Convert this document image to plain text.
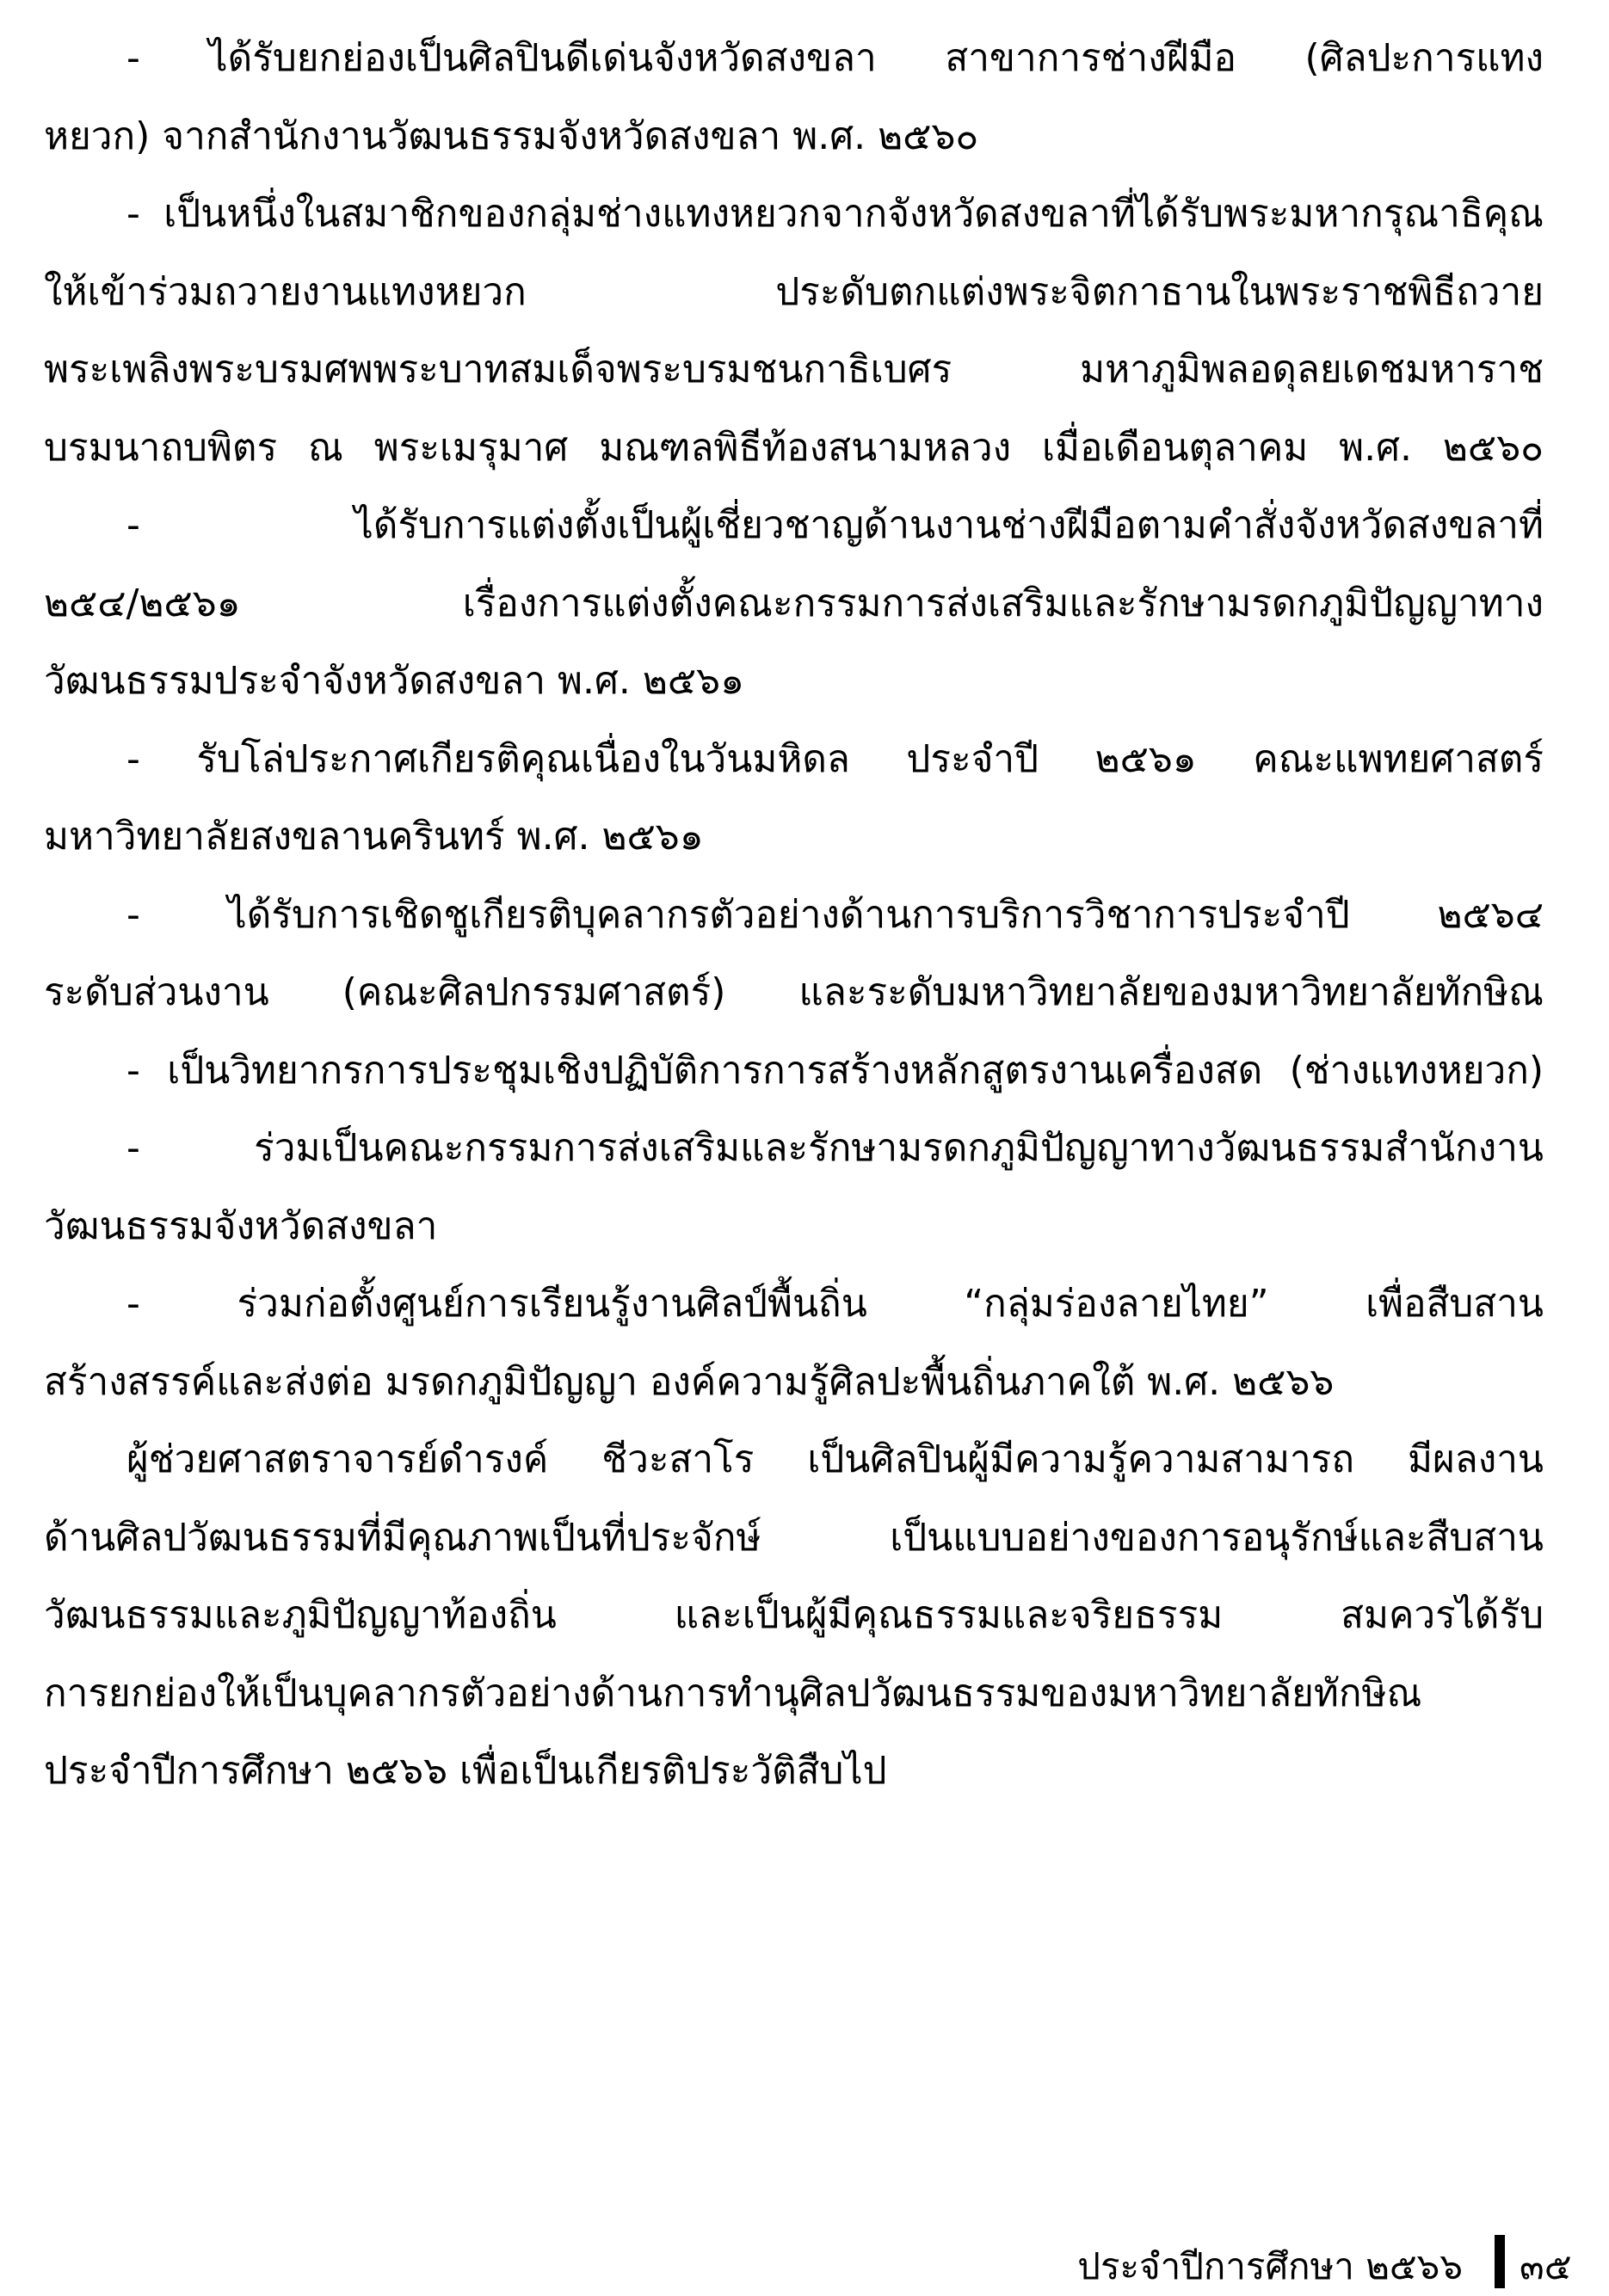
- ได้รับยกย่องเป็นศิลปินดีเด่นจังหวัดสงขลา สาขาการช่างฝีมือ (ศิลปะการแทง
หยวก) จากสำนักงานวัฒนธรรมจังหวัดสงขลา พ.ศ. ๒๕๖๐
- เป็นหนึ่งในสมาชิกของกลุ่มช่างแทงหยวกจากจังหวัดสงขลาที่ได้รับพระมหากรุณาธิคุณ
ให้เข้าร่วมถวายงานแทงหยวก ประดับตกแต่งพระจิตกาธานในพระราชพิธีถวาย
พระเพลิงพระบรมศพพระบาทสมเด็จพระบรมชนกาธิเบศร มหาภูมิพลอดุลยเดชมหาราช
บรมนาถบพิตร ณ พระเมรุมาศ มณฑลพิธีท้องสนามหลวง เมื่อเดือนตุลาคม พ.ศ. ๒๕๖๐
- ได้รับการแต่งตั้งเป็นผู้เชี่ยวชาญด้านงานช่างฝีมือตามคำสั่งจังหวัดสงขลาที่
๒๕๔/๒๕๖๑ เรื่องการแต่งตั้งคณะกรรมการส่งเสริมและรักษามรดกภูมิปัญญาทาง
วัฒนธรรมประจำจังหวัดสงขลา พ.ศ. ๒๕๖๑
- รับโล่ประกาศเกียรติคุณเนื่องในวันมหิดล ประจำปี ๒๕๖๑ คณะแพทยศาสตร์
มหาวิทยาลัยสงขลานครินทร์ พ.ศ. ๒๕๖๑
- ได้รับการเชิดชูเกียรติบุคลากรตัวอย่างด้านการบริการวิชาการประจำปี ๒๕๖๔
ระดับส่วนงาน (คณะศิลปกรรมศาสตร์) และระดับมหาวิทยาลัยของมหาวิทยาลัยทักษิณ
- เป็นวิทยากรการประชุมเชิงปฏิบัติการการสร้างหลักสูตรงานเครื่องสด (ช่างแทงหยวก)
- ร่วมเป็นคณะกรรมการส่งเสริมและรักษามรดกภูมิปัญญาทางวัฒนธรรมสำนักงาน
วัฒนธรรมจังหวัดสงขลา
- ร่วมก่อตั้งศูนย์การเรียนรู้งานศิลป์พื้นถิ่น “กลุ่มร่องลายไทย” เพื่อสืบสาน
สร้างสรรค์และส่งต่อ มรดกภูมิปัญญา องค์ความรู้ศิลปะพื้นถิ่นภาคใต้ พ.ศ. ๒๕๖๖
ผู้ช่วยศาสตราจารย์ดำรงค์ ชีวะสาโร เป็นศิลปินผู้มีความรู้ความสามารถ มีผลงาน
ด้านศิลปวัฒนธรรมที่มีคุณภาพเป็นที่ประจักษ์ เป็นแบบอย่างของการอนุรักษ์และสืบสาน
วัฒนธรรมและภูมิปัญญาท้องถิ่น และเป็นผู้มีคุณธรรมและจริยธรรม สมควรได้รับ
การยกย่องให้เป็นบุคลากรตัวอย่างด้านการทำนุศิลปวัฒนธรรมของมหาวิทยาลัยทักษิณ
ประจำปีการศึกษา ๒๕๖๖ เพื่อเป็นเกียรติประวัติสืบไป
ประจำปีการศึกษา ๒๕๖๖ ๓๕
